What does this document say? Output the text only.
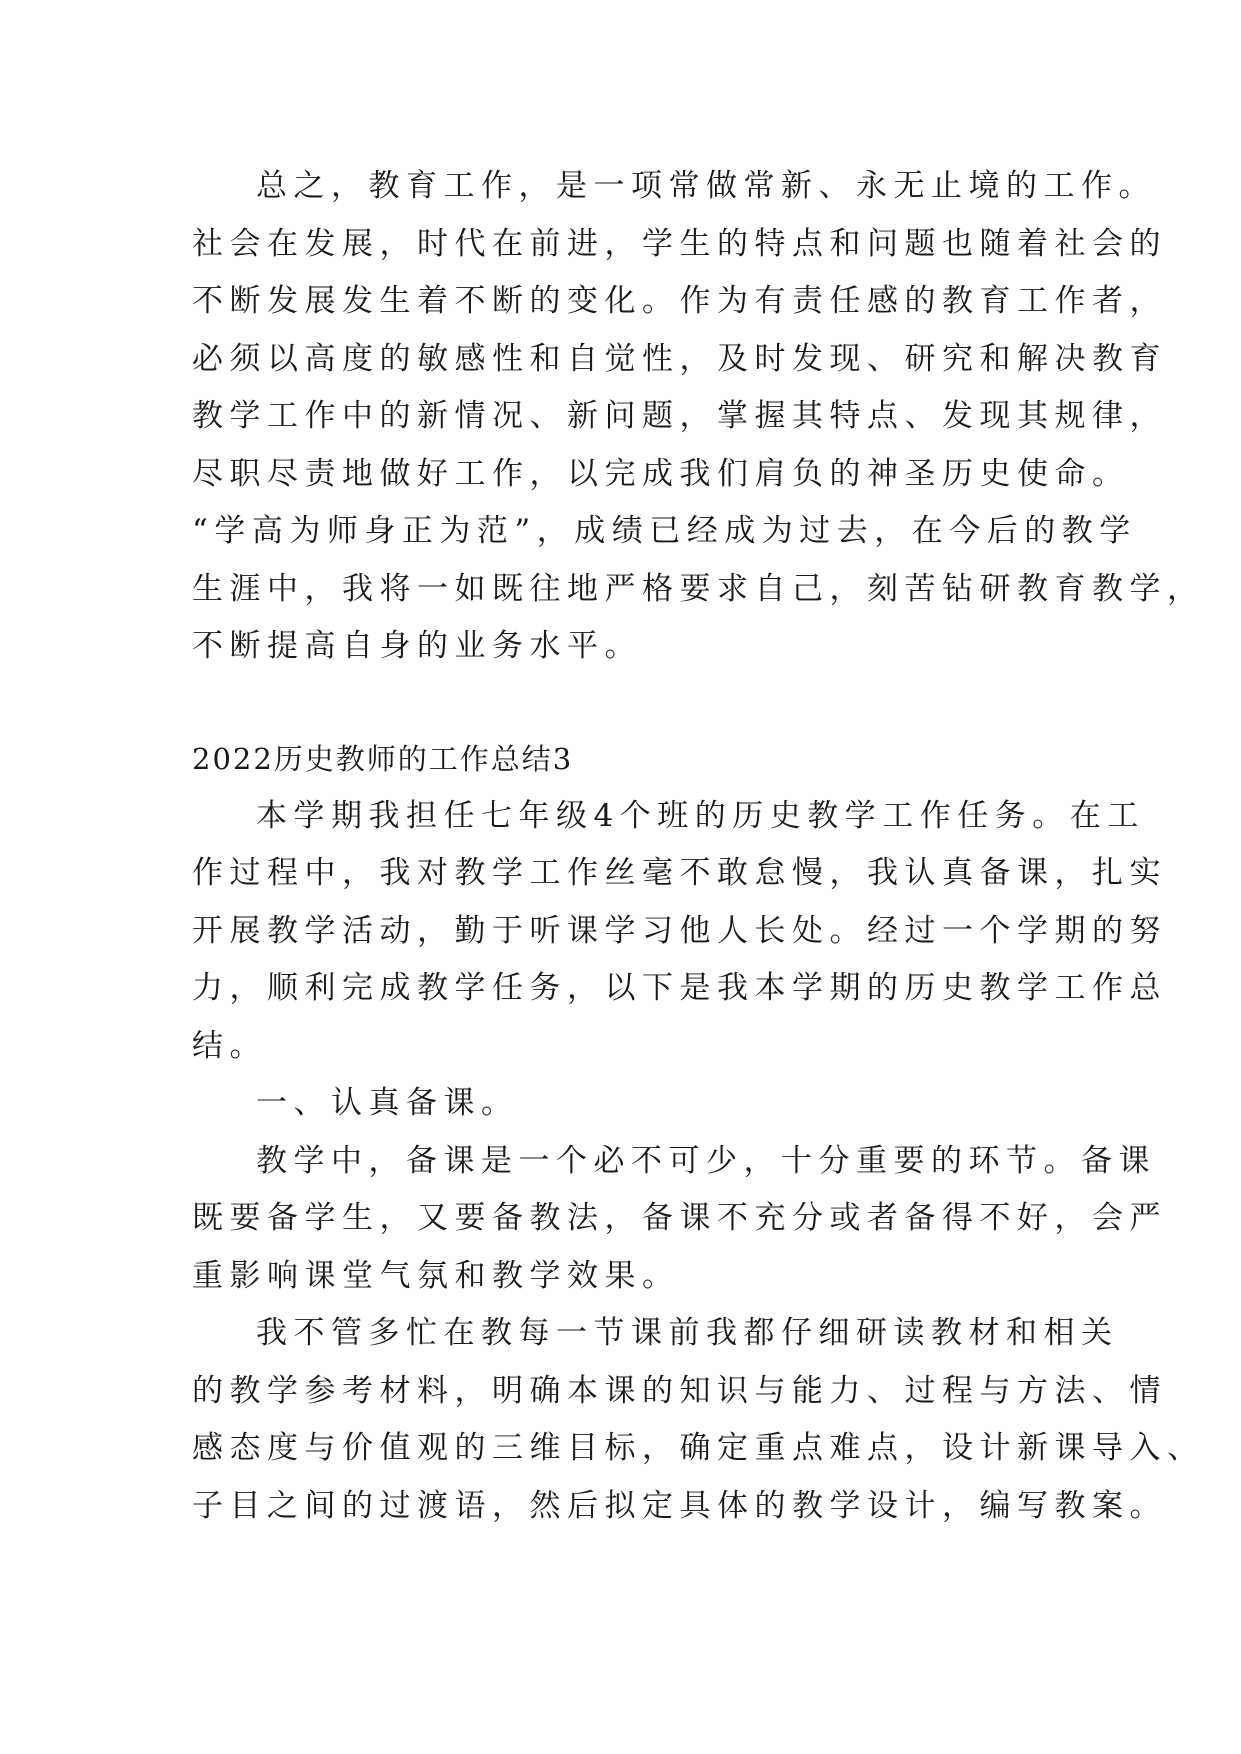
总之，教育工作，是一项常做常新、永无止境的工作。
社会在发展，时代在前进，学生的特点和问题也随着社会的
不断发展发生着不断的变化。作为有责任感的教育工作者，
必须以高度的敏感性和自觉性，及时发现、研究和解决教育
教学工作中的新情况、新问题，掌握其特点、发现其规律，
尽职尽责地做好工作，以完成我们肩负的神圣历史使命。
“学高为师身正为范”，成绩已经成为过去，在今后的教学
生涯中，我将一如既往地严格要求自己，刻苦钻研教育教学，
不断提高自身的业务水平。

2022历史教师的工作总结3

本学期我担任七年级4个班的历史教学工作任务。在工
作过程中，我对教学工作丝毫不敢怠慢，我认真备课，扎实
开展教学活动，勤于听课学习他人长处。经过一个学期的努
力，顺利完成教学任务，以下是我本学期的历史教学工作总
结。

一、认真备课。

教学中，备课是一个必不可少，十分重要的环节。备课
既要备学生，又要备教法，备课不充分或者备得不好，会严
重影响课堂气氛和教学效果。

我不管多忙在教每一节课前我都仔细研读教材和相关
的教学参考材料，明确本课的知识与能力、过程与方法、情
感态度与价值观的三维目标，确定重点难点，设计新课导入、
子目之间的过渡语，然后拟定具体的教学设计，编写教案。
